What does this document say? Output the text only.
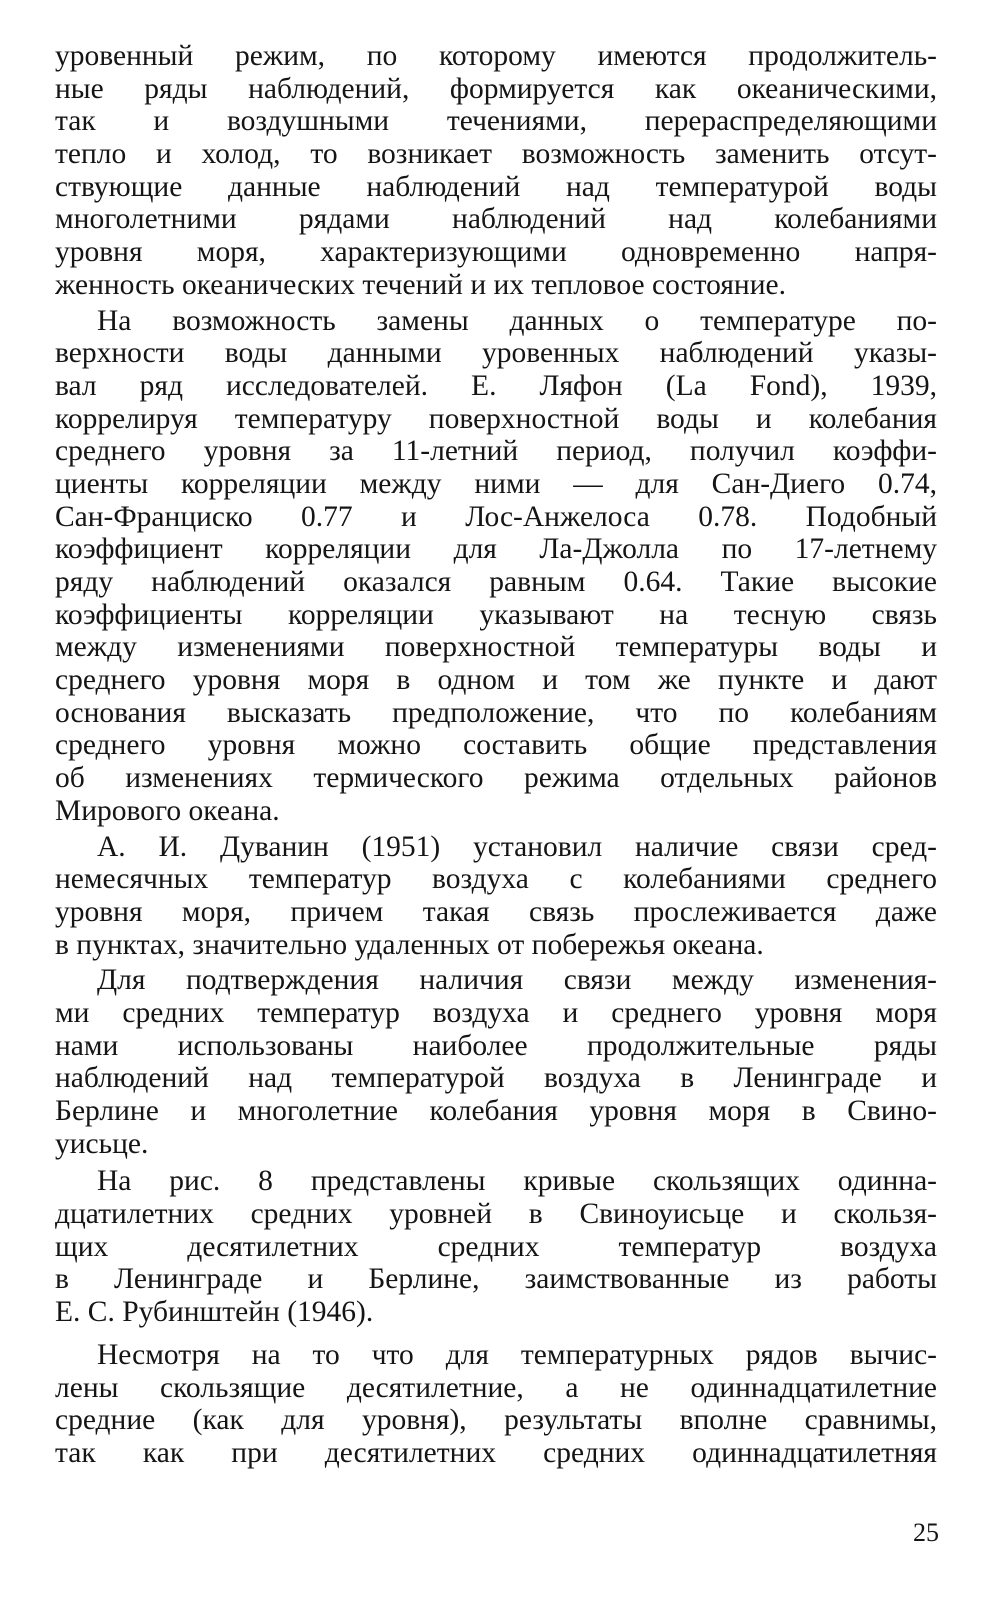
уровенный режим, по которому имеются продолжитель-
ные ряды наблюдений, формируется как океаническими,
так и воздушными течениями, перераспределяющими
тепло и холод, то возникает возможность заменить отсут-
ствующие данные наблюдений над температурой воды
многолетними рядами наблюдений над колебаниями
уровня моря, характеризующими одновременно напря-
женность океанических течений и их тепловое состояние.
На возможность замены данных о температуре по-
верхности воды данными уровенных наблюдений указы-
вал ряд исследователей. Е. Ляфон (La Fond), 1939,
коррелируя температуру поверхностной воды и колебания
среднего уровня за 11-летний период, получил коэффи-
циенты корреляции между ними — для Сан-Диего 0.74,
Сан-Франциско 0.77 и Лос-Анжелоса 0.78. Подобный
коэффициент корреляции для Ла-Джолла по 17-летнему
ряду наблюдений оказался равным 0.64. Такие высокие
коэффициенты корреляции указывают на тесную связь
между изменениями поверхностной температуры воды и
среднего уровня моря в одном и том же пункте и дают
основания высказать предположение, что по колебаниям
среднего уровня можно составить общие представления
об изменениях термического режима отдельных районов
Мирового океана.
А. И. Дуванин (1951) установил наличие связи сред-
немесячных температур воздуха с колебаниями среднего
уровня моря, причем такая связь прослеживается даже
в пунктах, значительно удаленных от побережья океана.
Для подтверждения наличия связи между изменения-
ми средних температур воздуха и среднего уровня моря
нами использованы наиболее продолжительные ряды
наблюдений над температурой воздуха в Ленинграде и
Берлине и многолетние колебания уровня моря в Свино-
уисьце.
На рис. 8 представлены кривые скользящих одинна-
дцатилетних средних уровней в Свиноуисьце и скользя-
щих десятилетних средних температур воздуха
в Ленинграде и Берлине, заимствованные из работы
Е. С. Рубинштейн (1946).
Несмотря на то что для температурных рядов вычис-
лены скользящие десятилетние, а не одиннадцатилетние
средние (как для уровня), результаты вполне сравнимы,
так как при десятилетних средних одиннадцатилетняя
25
